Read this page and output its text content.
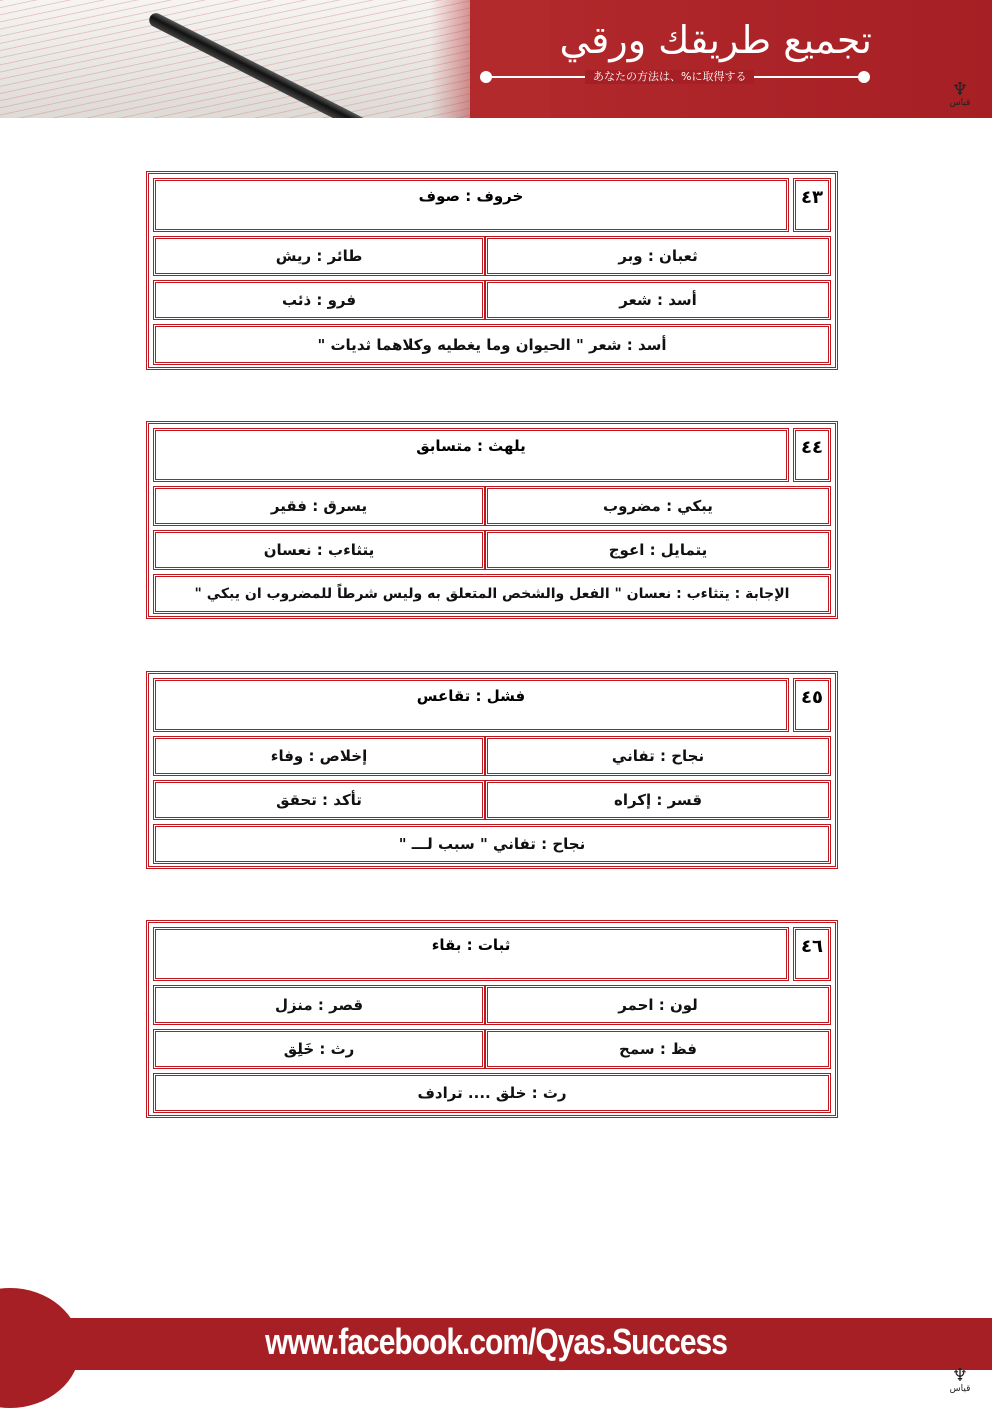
تجميع طريقك ورقي
あなたの方法は、%に取得する
♆
قياس
٤٣
خروف : صوف
ثعبان : وبر
طائر : ريش
أسد : شعر
فرو : ذئب
أسد : شعر " الحيوان وما يغطيه وكلاهما ثديات "
٤٤
يلهث : متسابق
يبكي : مضروب
يسرق : فقير
يتمايل : اعوج
يتثاءب : نعسان
الإجابة : يتثاءب : نعسان " الفعل والشخص المتعلق به وليس شرطاً للمضروب ان يبكي "
٤٥
فشل : تقاعس
نجاح : تفاني
إخلاص : وفاء
قسر : إكراه
تأكد : تحقق
نجاح : تفاني " سبب لـــ "
٤٦
ثبات : بقاء
لون : احمر
قصر : منزل
فظ : سمح
رث : خَلِق
رث : خلق .... ترادف
www.facebook.com/Qyas.Success
♆
قياس
